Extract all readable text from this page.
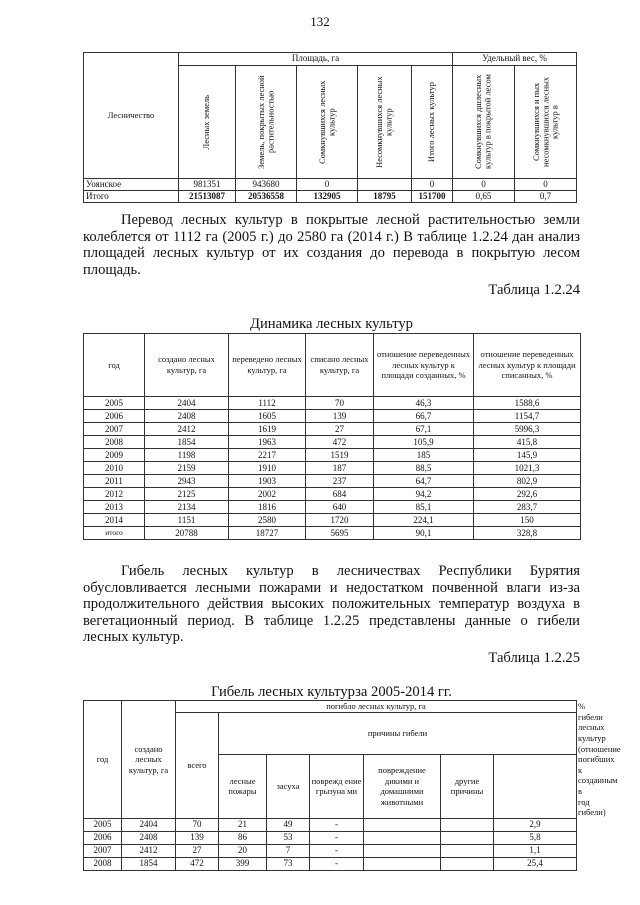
132
Лесничество	Площадь, га					Удельный вес, %	

	Лесных земель	Земель, покрытых лесной растительностью	Сомкнувшихся лесных культур	Несомкнувшихся лесных культур	Итого лесных культур	Сомкнувшихся дшлесных культур в покрытой лесом	Сомкнувшихся и пых несомкнувшихся лесных культур в

Уоянское	981351	943680	0		0	0	0
Итого	21513087	20536558	132905	18795	151700	0,65	0,7
Перевод лесных культур в покрытые лесной растительностью земли колеблется от 1112 га (2005 г.) до 2580 га (2014 г.) В таблице 1.2.24 дан анализ площадей лесных культур от их создания до перевода в покрытую лесом площадь.
Таблица 1.2.24
Динамика лесных культур
год	создано лесных культур, га	переведено лесных культур, га	списано лесных культур, га	отношение переведенных лесных культур к площади созданных, %	отношение переведенных лесных культур к площади списанных, %
2005	2404	1112	70	46,3	1588,6
2006	2408	1605	139	66,7	1154,7
2007	2412	1619	27	67,1	5996,3
2008	1854	1963	472	105,9	415,8
2009	1198	2217	1519	185	145,9
2010	2159	1910	187	88,5	1021,3
2011	2943	1903	237	64,7	802,9
2012	2125	2002	684	94,2	292,6
2013	2134	1816	640	85,1	283,7
2014	1151	2580	1720	224,1	150
итого	20788	18727	5695	90,1	328,8
Гибель лесных культур в лесничествах Республики Бурятия обусловливается лесными пожарами и недостатком почвенной влаги из-за продолжительного действия высоких положительных температур воздуха в вегетационный период. В таблице 1.2.25 представлены данные о гибели лесных культур.
Таблица 1.2.25
Гибель лесных культурза 2005-2014 гг.
год	создано лесных культур, га	погибло лесных культур, га							% гибели лесных культур (отношение погибших к созданным в год гибели)
		всего	причины гибели						
			лесные пожары	засуха	поврежд ение грызуна ми	повреждение дикими и домашними животными	другие причины		
2005	2404	70	21	49	-			2,9	
2006	2408	139	86	53	-			5,8	
2007	2412	27	20	7	-			1,1	
2008	1854	472	399	73	-			25,4	
